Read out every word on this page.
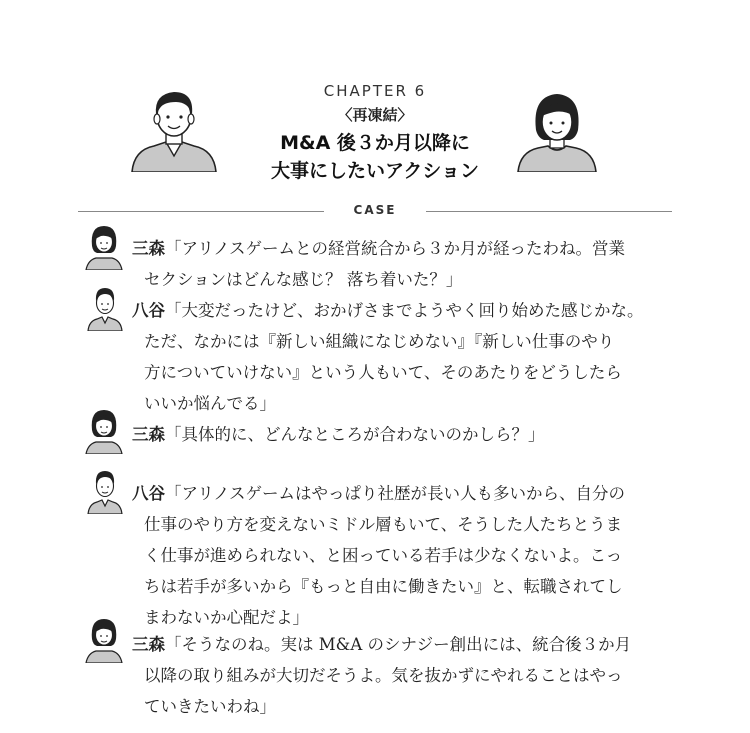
CHAPTER 6
〈再凍結〉
M&A 後３か月以降に
大事にしたいアクション
CASE
三森「アリノスゲームとの経営統合から３か月が経ったわね。営業
セクションはどんな感じ？ 落ち着いた？」
八谷「大変だったけど、おかげさまでようやく回り始めた感じかな。
ただ、なかには『新しい組織になじめない』『新しい仕事のやり
方についていけない』という人もいて、そのあたりをどうしたら
いいか悩んでる」
三森「具体的に、どんなところが合わないのかしら？」
八谷「アリノスゲームはやっぱり社歴が長い人も多いから、自分の
仕事のやり方を変えないミドル層もいて、そうした人たちとうま
く仕事が進められない、と困っている若手は少なくないよ。こっ
ちは若手が多いから『もっと自由に働きたい』と、転職されてし
まわないか心配だよ」
三森「そうなのね。実は M&A のシナジー創出には、統合後３か月
以降の取り組みが大切だそうよ。気を抜かずにやれることはやっ
ていきたいわね」
